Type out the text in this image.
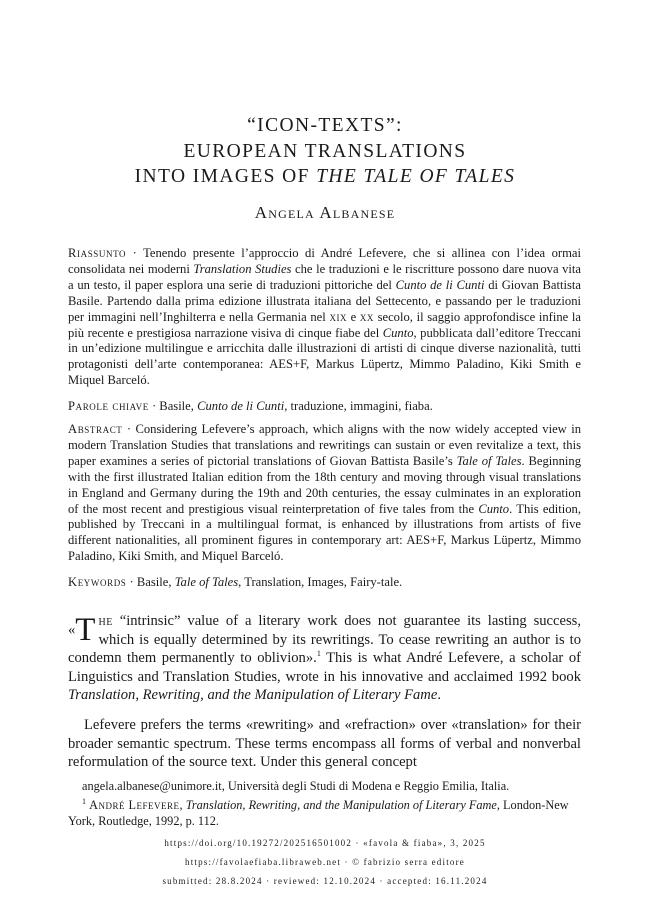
“ICON-TEXTS”:
EUROPEAN TRANSLATIONS
INTO IMAGES OF THE TALE OF TALES
Angela Albanese
Riassunto · Tenendo presente l’approccio di André Lefevere, che si allinea con l’idea ormai consolidata nei moderni Translation Studies che le traduzioni e le riscritture possono dare nuova vita a un testo, il paper esplora una serie di traduzioni pittoriche del Cunto de li Cunti di Giovan Battista Basile. Partendo dalla prima edizione illustrata italiana del Settecento, e passando per le traduzioni per immagini nell’Inghilterra e nella Germania nel xix e xx secolo, il saggio approfondisce infine la più recente e prestigiosa narrazione visiva di cinque fiabe del Cunto, pubblicata dall’editore Treccani in un’edizione multilingue e arricchita dalle illustrazioni di artisti di cinque diverse nazionalità, tutti protagonisti dell’arte contemporanea: AES+F, Markus Lüpertz, Mimmo Paladino, Kiki Smith e Miquel Barceló.
Parole chiave · Basile, Cunto de li Cunti, traduzione, immagini, fiaba.
Abstract · Considering Lefevere’s approach, which aligns with the now widely accepted view in modern Translation Studies that translations and rewritings can sustain or even revitalize a text, this paper examines a series of pictorial translations of Giovan Battista Basile’s Tale of Tales. Beginning with the first illustrated Italian edition from the 18th century and moving through visual translations in England and Germany during the 19th and 20th centuries, the essay culminates in an exploration of the most recent and prestigious visual reinterpretation of five tales from the Cunto. This edition, published by Treccani in a multilingual format, is enhanced by illustrations from artists of five different nationalities, all prominent figures in contemporary art: AES+F, Markus Lüpertz, Mimmo Paladino, Kiki Smith, and Miquel Barceló.
Keywords · Basile, Tale of Tales, Translation, Images, Fairy-tale.
«T he “intrinsic” value of a literary work does not guarantee its lasting success, which is equally determined by its rewritings. To cease rewriting an author is to condemn them permanently to oblivion».$^1$ This is what André Lefevere, a scholar of Linguistics and Translation Studies, wrote in his innovative and acclaimed 1992 book Translation, Rewriting, and the Manipulation of Literary Fame.
Lefevere prefers the terms «rewriting» and «refraction» over «translation» for their broader semantic spectrum. These terms encompass all forms of verbal and nonverbal reformulation of the source text. Under this general concept
angela.albanese@unimore.it, Università degli Studi di Modena e Reggio Emilia, Italia.
$^1$ André Lefevere, Translation, Rewriting, and the Manipulation of Literary Fame, London-New York, Routledge, 1992, p. 112.
https://doi.org/10.19272/202516501002 · «favola & fiaba», 3, 2025
https://favolaefiaba.libraweb.net · © fabrizio serra editore
submitted: 28.8.2024 · reviewed: 12.10.2024 · accepted: 16.11.2024
